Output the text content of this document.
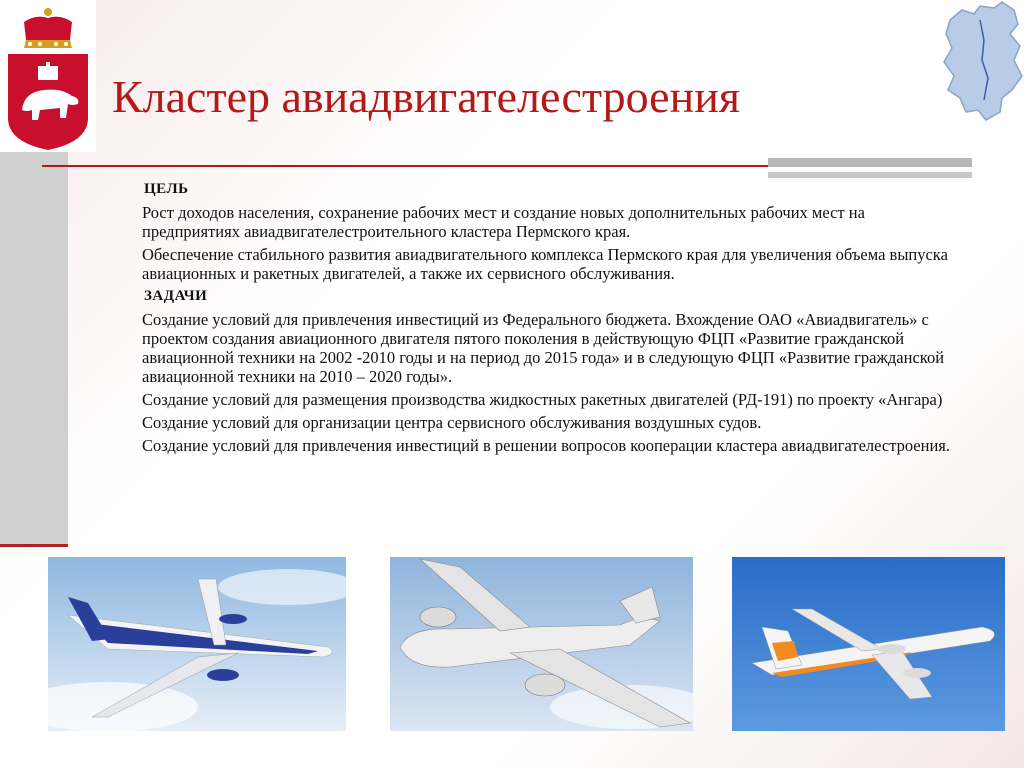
Кластер авиадвигателестроения
ЦЕЛЬ
Рост доходов населения, сохранение рабочих мест и создание новых дополнительных рабочих мест на предприятиях авиадвигателестроительного кластера Пермского края.
Обеспечение стабильного развития авиадвигательного комплекса Пермского края для увеличения объема выпуска авиационных и ракетных двигателей, а также их сервисного обслуживания.
ЗАДАЧИ
Создание условий для привлечения инвестиций из Федерального бюджета. Вхождение ОАО «Авиадвигатель» с проектом создания авиационного двигателя пятого поколения в действующую ФЦП «Развитие гражданской авиационной техники на 2002 -2010 годы и на период до 2015 года» и в следующую ФЦП «Развитие гражданской авиационной техники на 2010 – 2020 годы».
Создание условий для размещения производства жидкостных ракетных двигателей (РД-191) по проекту «Ангара)
Создание условий для организации центра сервисного обслуживания воздушных судов.
Создание условий для привлечения инвестиций в решении вопросов кооперации кластера авиадвигателестроения.
